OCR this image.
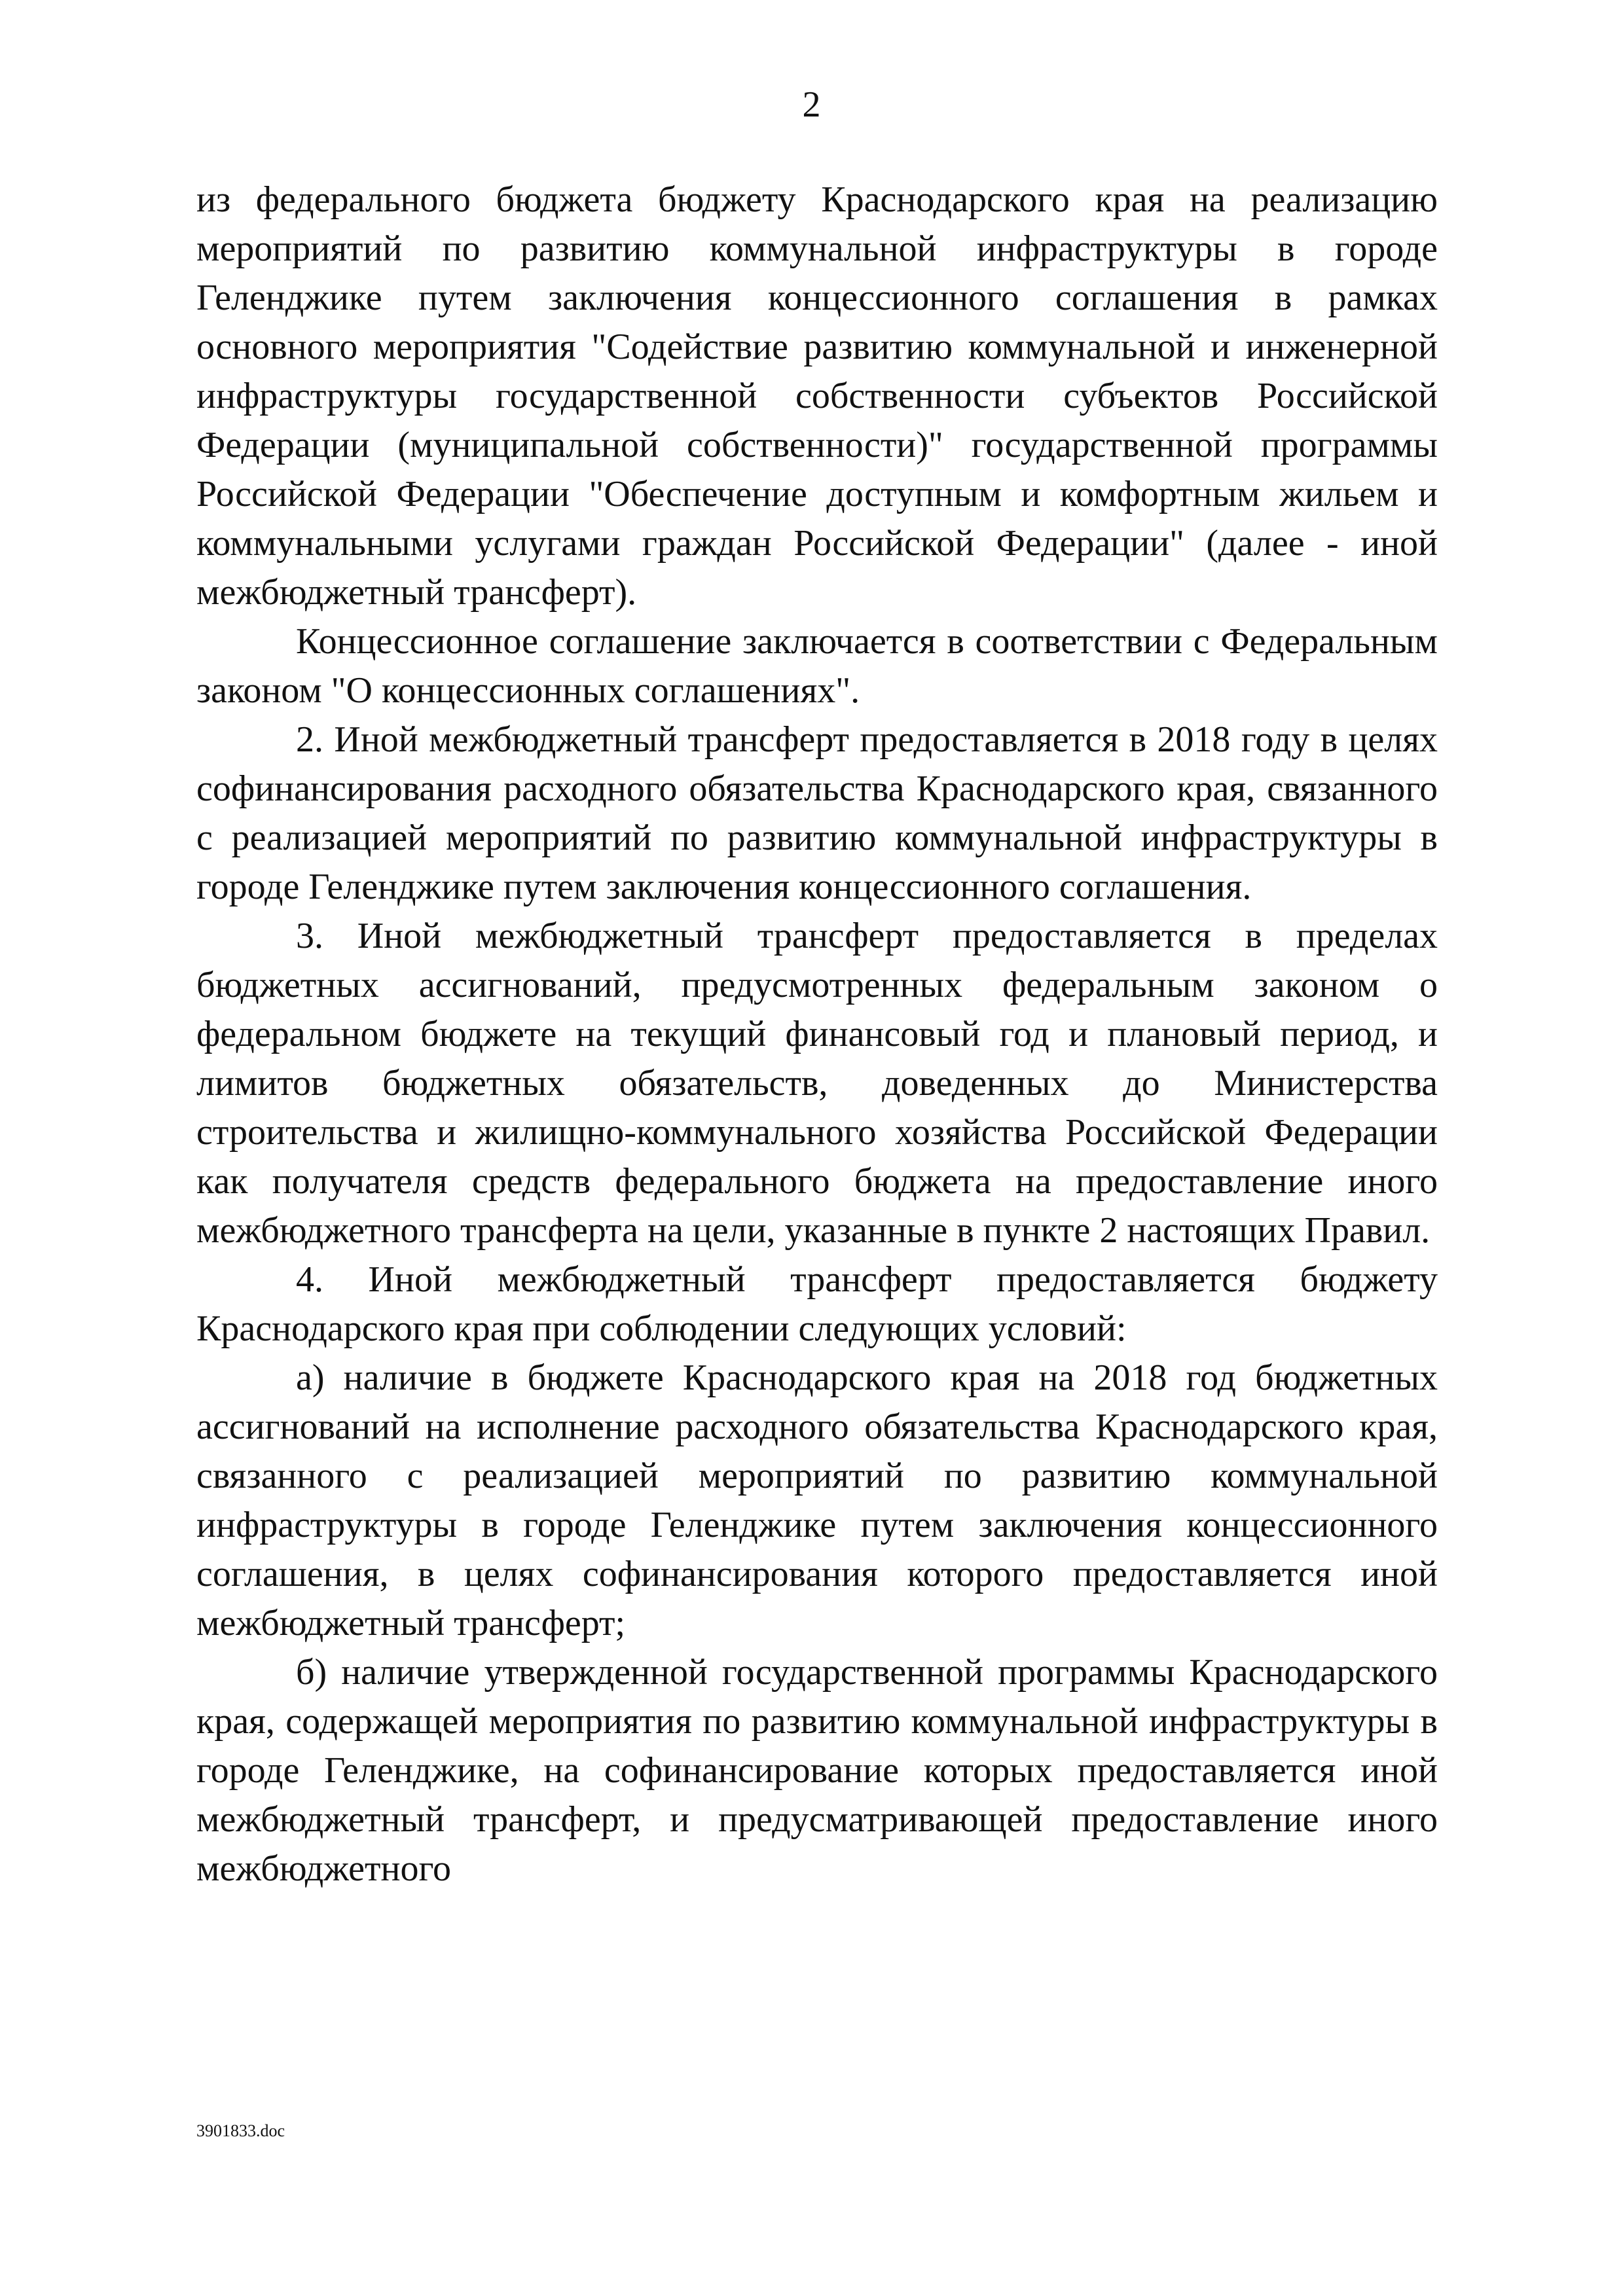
2

из федерального бюджета бюджету Краснодарского края на реализацию мероприятий по развитию коммунальной инфраструктуры в городе Геленджике путем заключения концессионного соглашения в рамках основного мероприятия "Содействие развитию коммунальной и инженерной инфраструктуры государственной собственности субъектов Российской Федерации (муниципальной собственности)" государственной программы Российской Федерации "Обеспечение доступным и комфортным жильем и коммунальными услугами граждан Российской Федерации" (далее - иной межбюджетный трансферт).

Концессионное соглашение заключается в соответствии с Федеральным законом "О концессионных соглашениях".

2. Иной межбюджетный трансферт предоставляется в 2018 году в целях софинансирования расходного обязательства Краснодарского края, связанного с реализацией мероприятий по развитию коммунальной инфраструктуры в городе Геленджике путем заключения концессионного соглашения.

3. Иной межбюджетный трансферт предоставляется в пределах бюджетных ассигнований, предусмотренных федеральным законом о федеральном бюджете на текущий финансовый год и плановый период, и лимитов бюджетных обязательств, доведенных до Министерства строительства и жилищно-коммунального хозяйства Российской Федерации как получателя средств федерального бюджета на предоставление иного межбюджетного трансферта на цели, указанные в пункте 2 настоящих Правил.

4. Иной межбюджетный трансферт предоставляется бюджету Краснодарского края при соблюдении следующих условий:

а) наличие в бюджете Краснодарского края на 2018 год бюджетных ассигнований на исполнение расходного обязательства Краснодарского края, связанного с реализацией мероприятий по развитию коммунальной инфраструктуры в городе Геленджике путем заключения концессионного соглашения, в целях софинансирования которого предоставляется иной межбюджетный трансферт;

б) наличие утвержденной государственной программы Краснодарского края, содержащей мероприятия по развитию коммунальной инфраструктуры в городе Геленджике, на софинансирование которых предоставляется иной межбюджетный трансферт, и предусматривающей предоставление иного межбюджетного

3901833.doc
